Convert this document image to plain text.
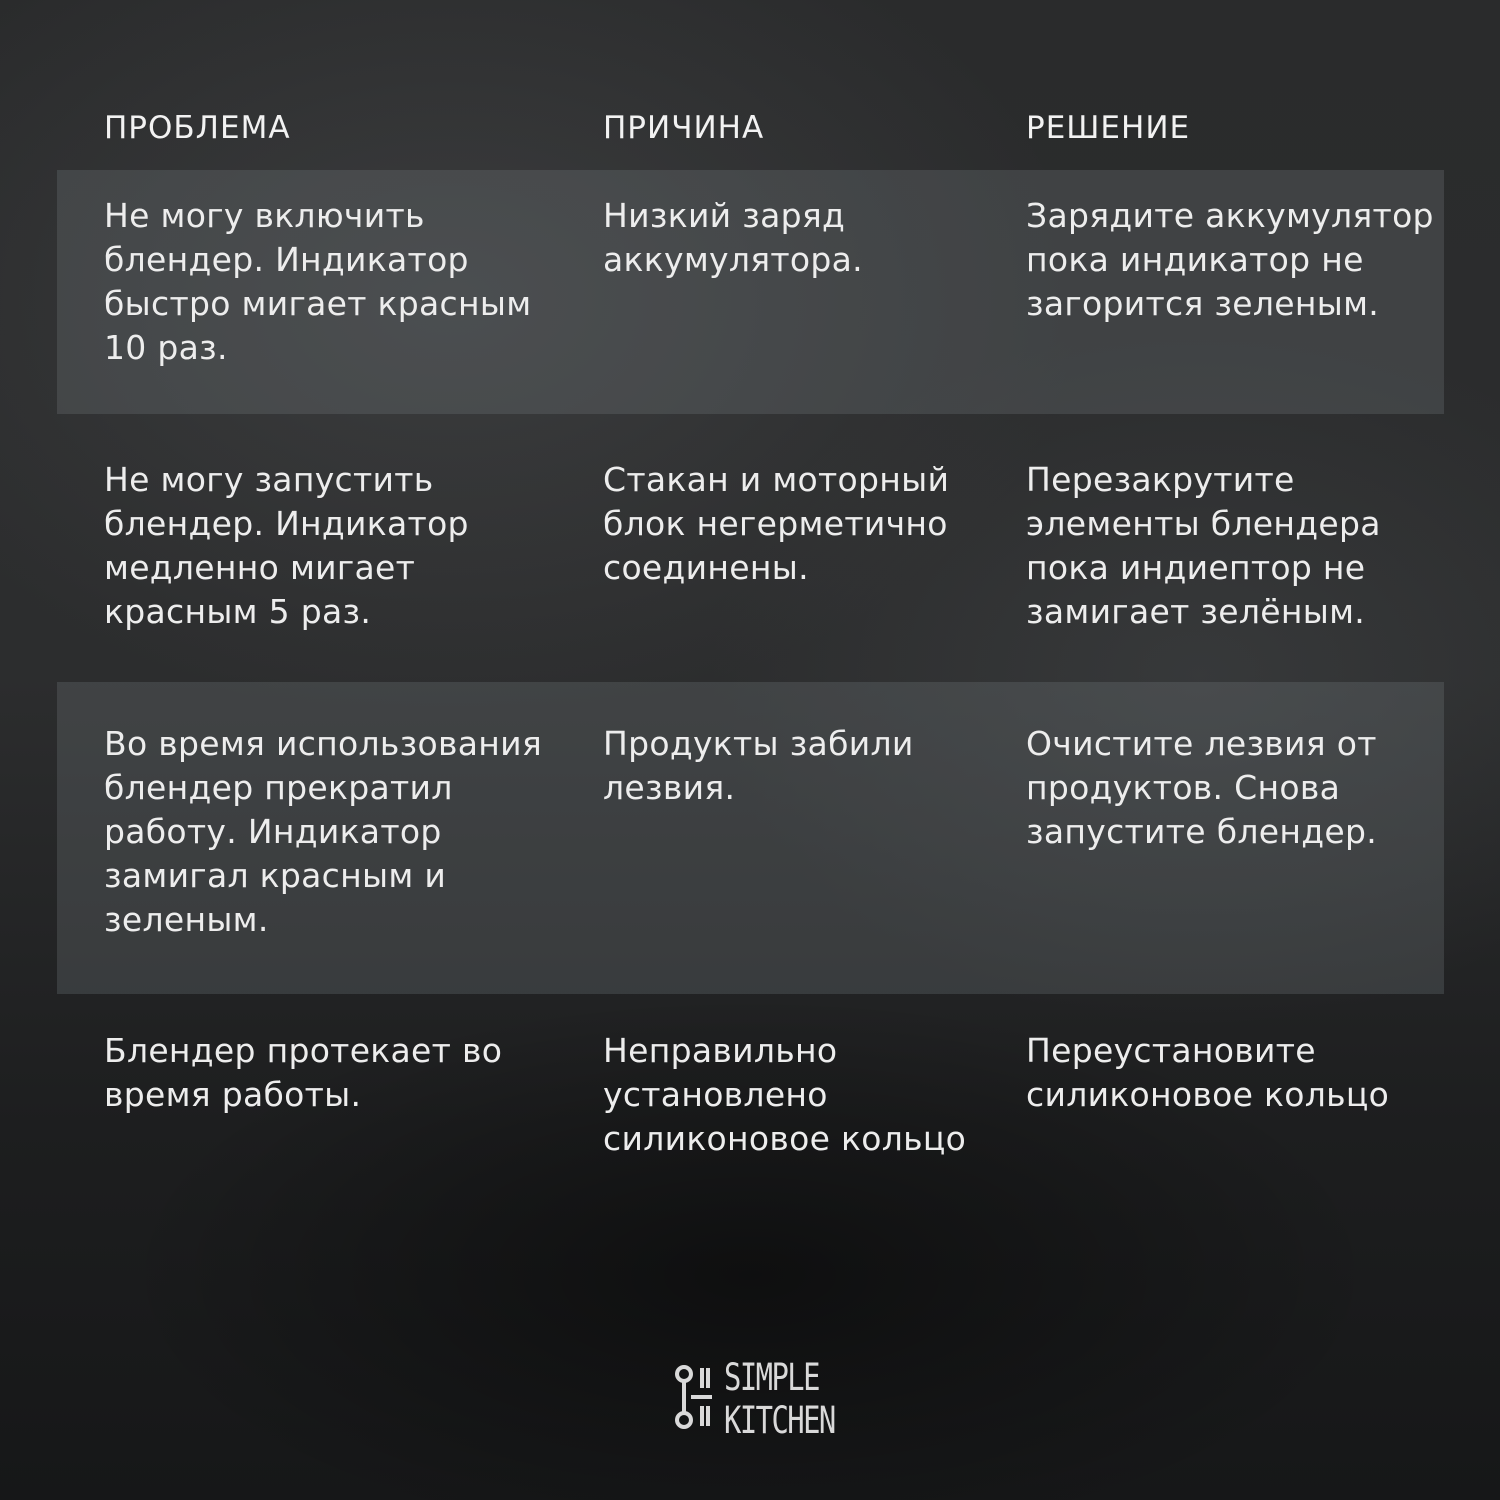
ПРОБЛЕМА	ПРИЧИНА	РЕШЕНИЕ
Не могу включить блендер. Индикатор быстро мигает красным 10 раз.
Низкий заряд аккумулятора.
Зарядите аккумулятор пока индикатор не загорится зеленым.
Не могу запустить блендер. Индикатор медленно мигает красным 5 раз.
Стакан и моторный блок негерметично соединены.
Перезакрутите элементы блендера пока индиептор не замигает зелёным.
Во время использования блендер прекратил работу. Индикатор замигал красным и зеленым.
Продукты забили лезвия.
Очистите лезвия от продуктов. Снова запустите блендер.
Блендер протекает во время работы.
Неправильно установлено силиконовое кольцо
Переустановите силиконовое кольцо
SIMPLE
KITCHEN
